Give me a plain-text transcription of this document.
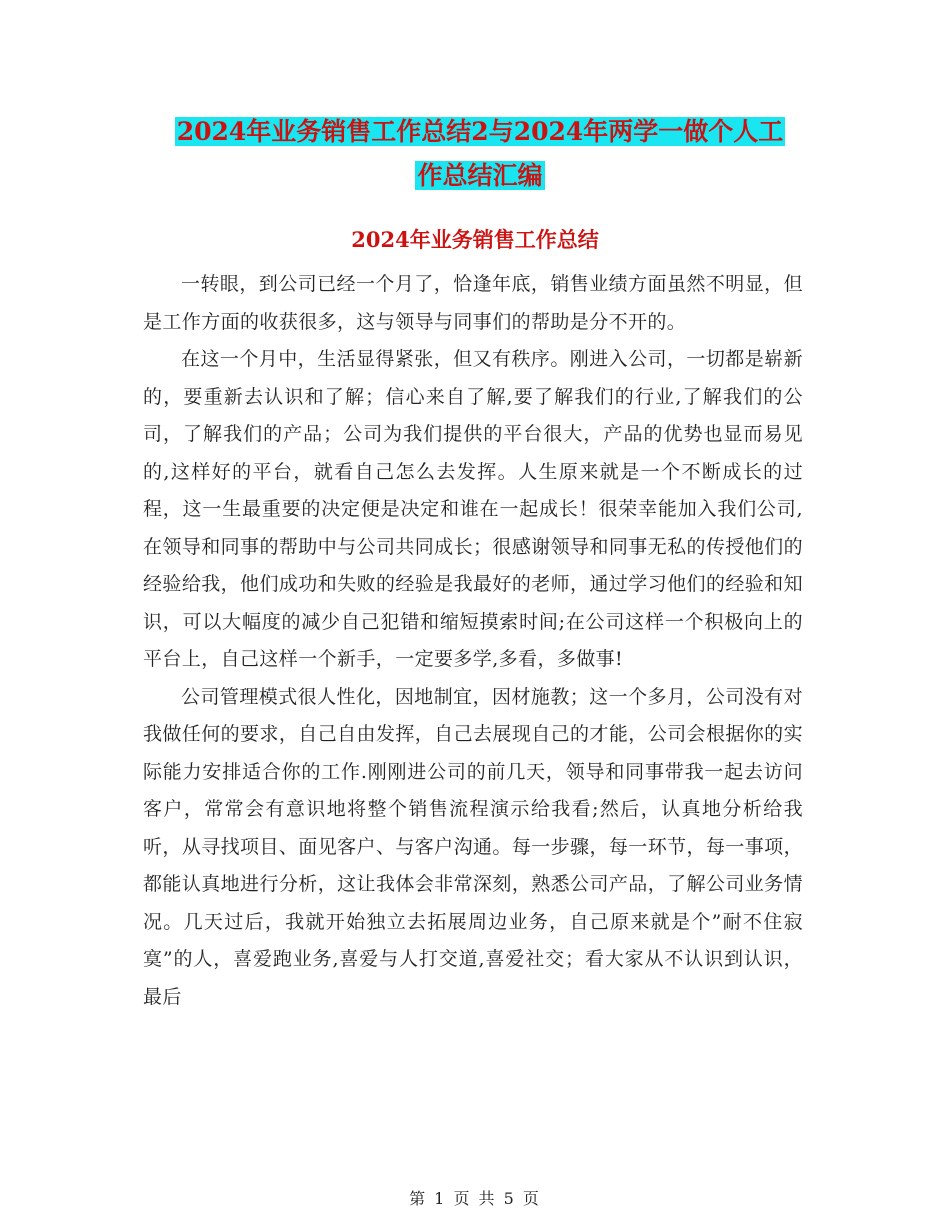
2024年业务销售工作总结2与2024年两学一做个人工
作总结汇编
2024年业务销售工作总结

一转眼，到公司已经一个月了，恰逢年底，销售业绩方面虽然不明显，但是工作方面的收获很多，这与领导与同事们的帮助是分不开的。

在这一个月中，生活显得紧张，但又有秩序。刚进入公司，一切都是崭新的，要重新去认识和了解；信心来自了解,要了解我们的行业,了解我们的公司，了解我们的产品；公司为我们提供的平台很大，产品的优势也显而易见的,这样好的平台，就看自己怎么去发挥。人生原来就是一个不断成长的过程，这一生最重要的决定便是决定和谁在一起成长！很荣幸能加入我们公司,在领导和同事的帮助中与公司共同成长；很感谢领导和同事无私的传授他们的经验给我，他们成功和失败的经验是我最好的老师，通过学习他们的经验和知识，可以大幅度的减少自己犯错和缩短摸索时间;在公司这样一个积极向上的平台上，自己这样一个新手，一定要多学,多看，多做事!

公司管理模式很人性化，因地制宜，因材施教；这一个多月，公司没有对我做任何的要求，自己自由发挥，自己去展现自己的才能，公司会根据你的实际能力安排适合你的工作.刚刚进公司的前几天，领导和同事带我一起去访问客户，常常会有意识地将整个销售流程演示给我看;然后，认真地分析给我听，从寻找项目、面见客户、与客户沟通。每一步骤，每一环节，每一事项，都能认真地进行分析，这让我体会非常深刻，熟悉公司产品，了解公司业务情况。几天过后，我就开始独立去拓展周边业务，自己原来就是个”耐不住寂寞”的人，喜爱跑业务,喜爱与人打交道,喜爱社交；看大家从不认识到认识，最后

第 1 页 共 5 页
